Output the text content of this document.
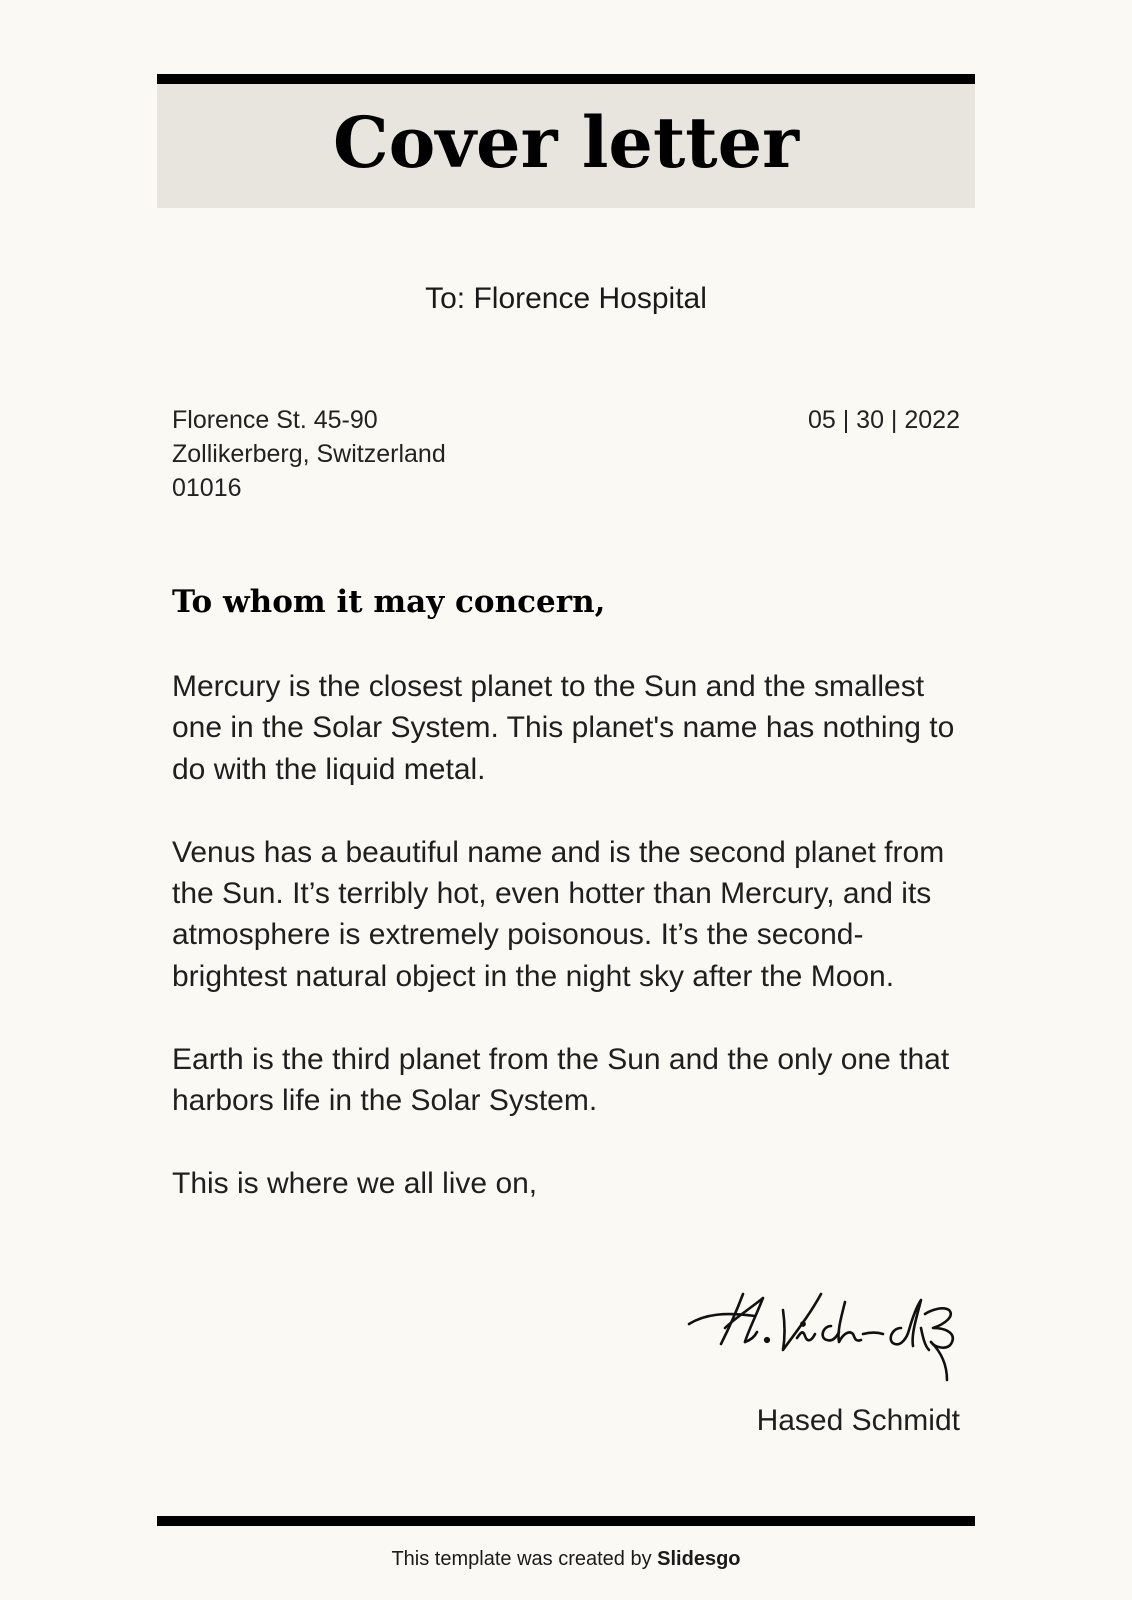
Cover letter
To: Florence Hospital
Florence St. 45-90
Zollikerberg, Switzerland
01016
05 | 30 | 2022
To whom it may concern,

Mercury is the closest planet to the Sun and the smallest one in the Solar System. This planet's name has nothing to do with the liquid metal.

Venus has a beautiful name and is the second planet from the Sun. It’s terribly hot, even hotter than Mercury, and its atmosphere is extremely poisonous. It’s the second-brightest natural object in the night sky after the Moon.

Earth is the third planet from the Sun and the only one that harbors life in the Solar System.

This is where we all live on,

Hased Schmidt
This template was created by Slidesgo
